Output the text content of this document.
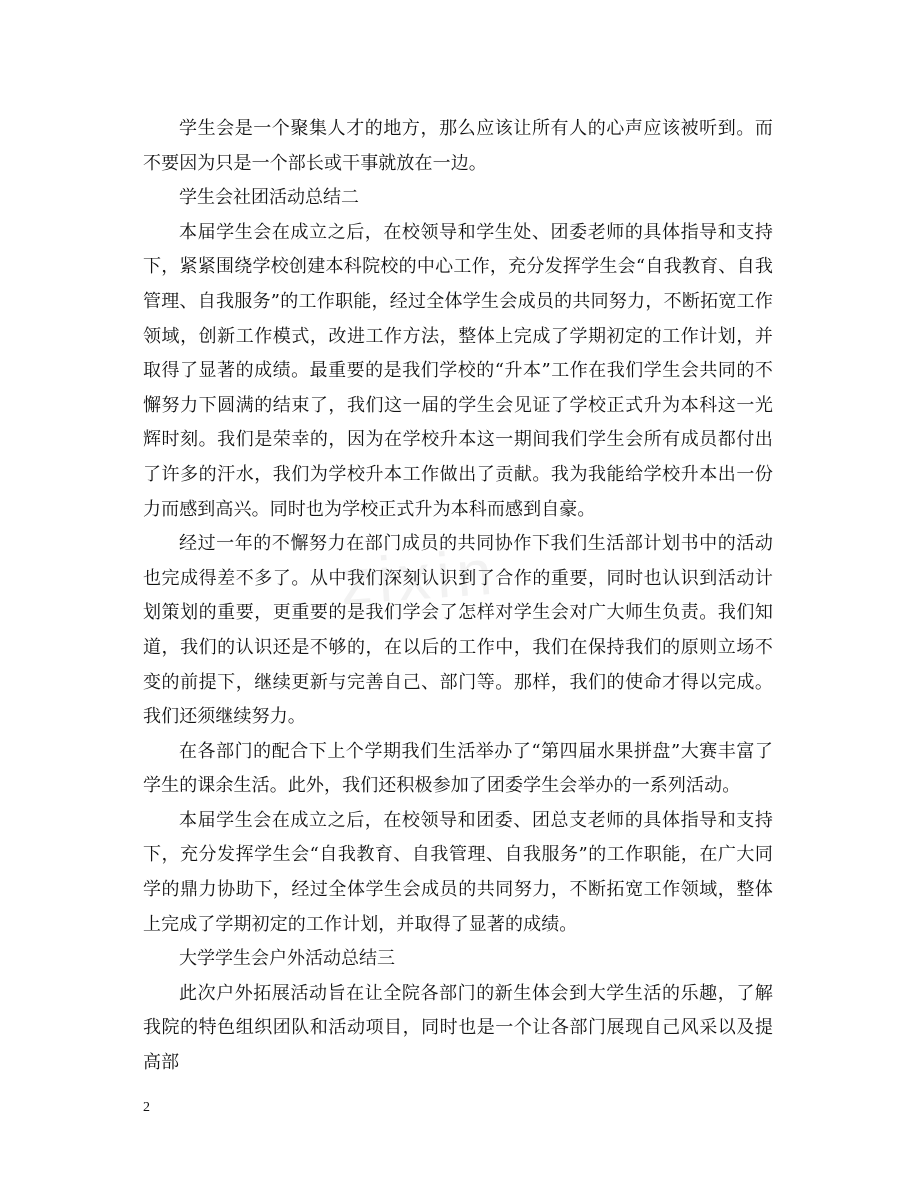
zixin

学生会是一个聚集人才的地方，那么应该让所有人的心声应该被听到。而不要因为只是一个部长或干事就放在一边。

学生会社团活动总结二

本届学生会在成立之后，在校领导和学生处、团委老师的具体指导和支持下，紧紧围绕学校创建本科院校的中心工作，充分发挥学生会“自我教育、自我管理、自我服务”的工作职能，经过全体学生会成员的共同努力，不断拓宽工作领域，创新工作模式，改进工作方法，整体上完成了学期初定的工作计划，并取得了显著的成绩。最重要的是我们学校的“升本”工作在我们学生会共同的不懈努力下圆满的结束了，我们这一届的学生会见证了学校正式升为本科这一光辉时刻。我们是荣幸的，因为在学校升本这一期间我们学生会所有成员都付出了许多的汗水，我们为学校升本工作做出了贡献。我为我能给学校升本出一份力而感到高兴。同时也为学校正式升为本科而感到自豪。

经过一年的不懈努力在部门成员的共同协作下我们生活部计划书中的活动也完成得差不多了。从中我们深刻认识到了合作的重要，同时也认识到活动计划策划的重要，更重要的是我们学会了怎样对学生会对广大师生负责。我们知道，我们的认识还是不够的，在以后的工作中，我们在保持我们的原则立场不变的前提下，继续更新与完善自己、部门等。那样，我们的使命才得以完成。我们还须继续努力。

在各部门的配合下上个学期我们生活举办了“第四届水果拼盘”大赛丰富了学生的课余生活。此外，我们还积极参加了团委学生会举办的一系列活动。

本届学生会在成立之后，在校领导和团委、团总支老师的具体指导和支持下，充分发挥学生会“自我教育、自我管理、自我服务”的工作职能，在广大同学的鼎力协助下，经过全体学生会成员的共同努力，不断拓宽工作领域，整体上完成了学期初定的工作计划，并取得了显著的成绩。

大学学生会户外活动总结三

此次户外拓展活动旨在让全院各部门的新生体会到大学生活的乐趣，了解我院的特色组织团队和活动项目，同时也是一个让各部门展现自己风采以及提高部

2
